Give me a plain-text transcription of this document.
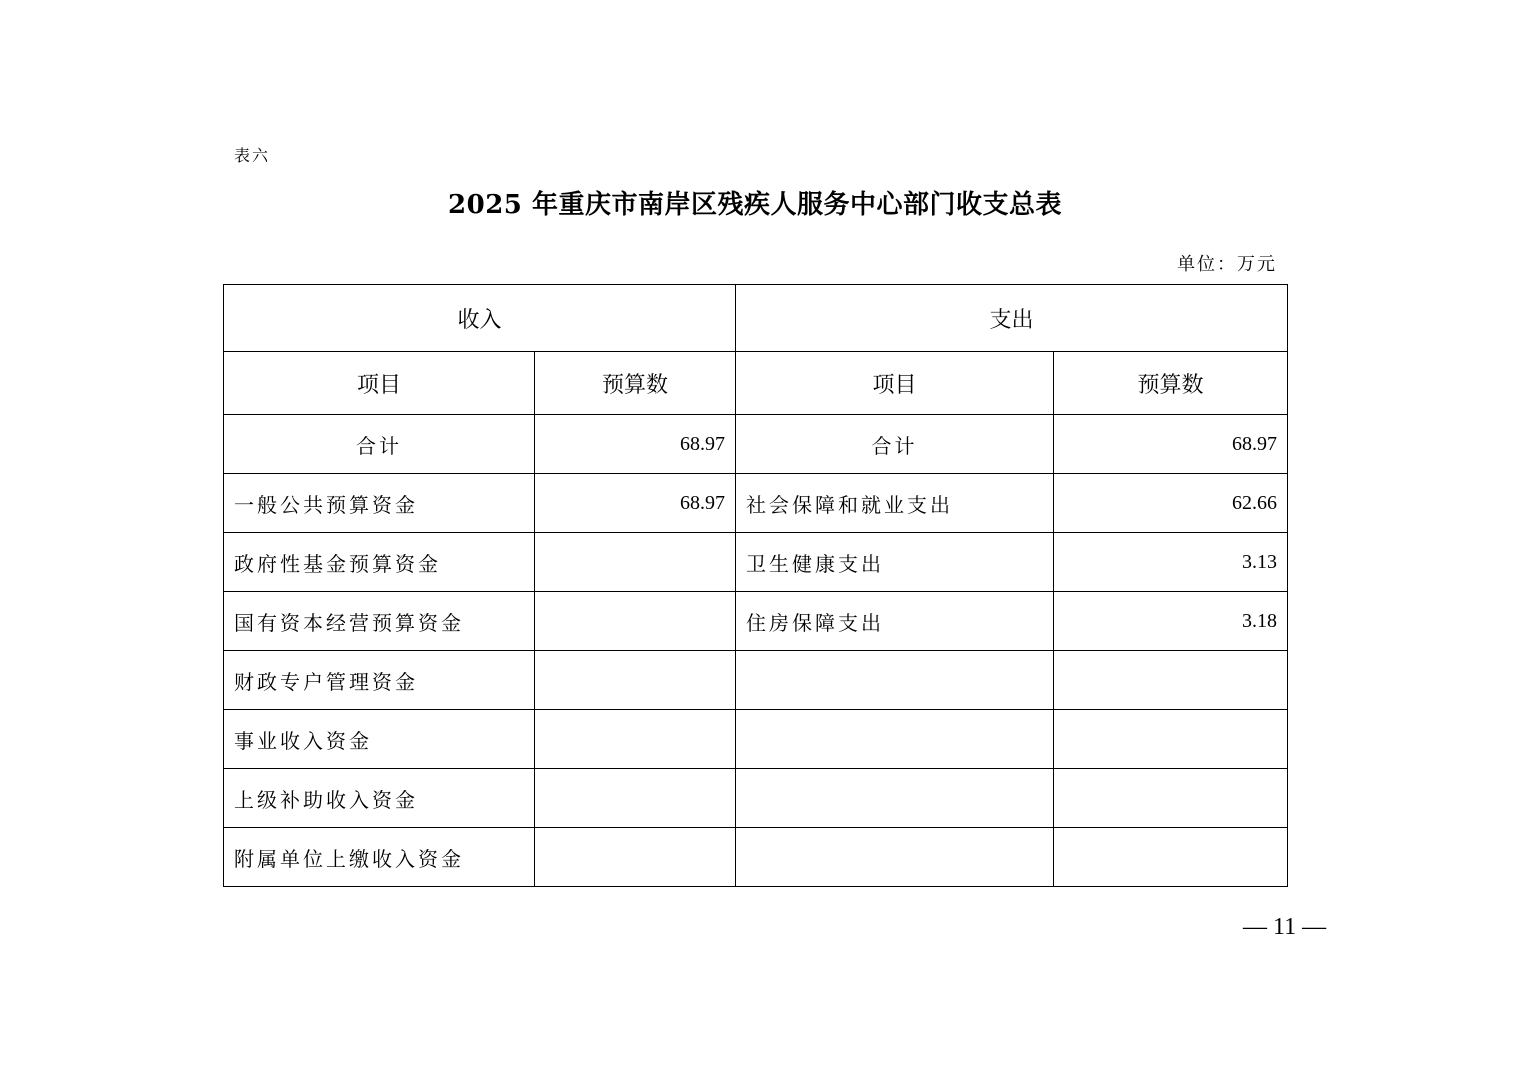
表六
2025 年重庆市南岸区残疾人服务中心部门收支总表
单位：万元
收入		支出	
项目	预算数	项目	预算数
合计	68.97	合计	68.97
一般公共预算资金	68.97	社会保障和就业支出	62.66
政府性基金预算资金		卫生健康支出	3.13
国有资本经营预算资金		住房保障支出	3.18
财政专户管理资金			
事业收入资金			
上级补助收入资金			
附属单位上缴收入资金			
— 11 —
